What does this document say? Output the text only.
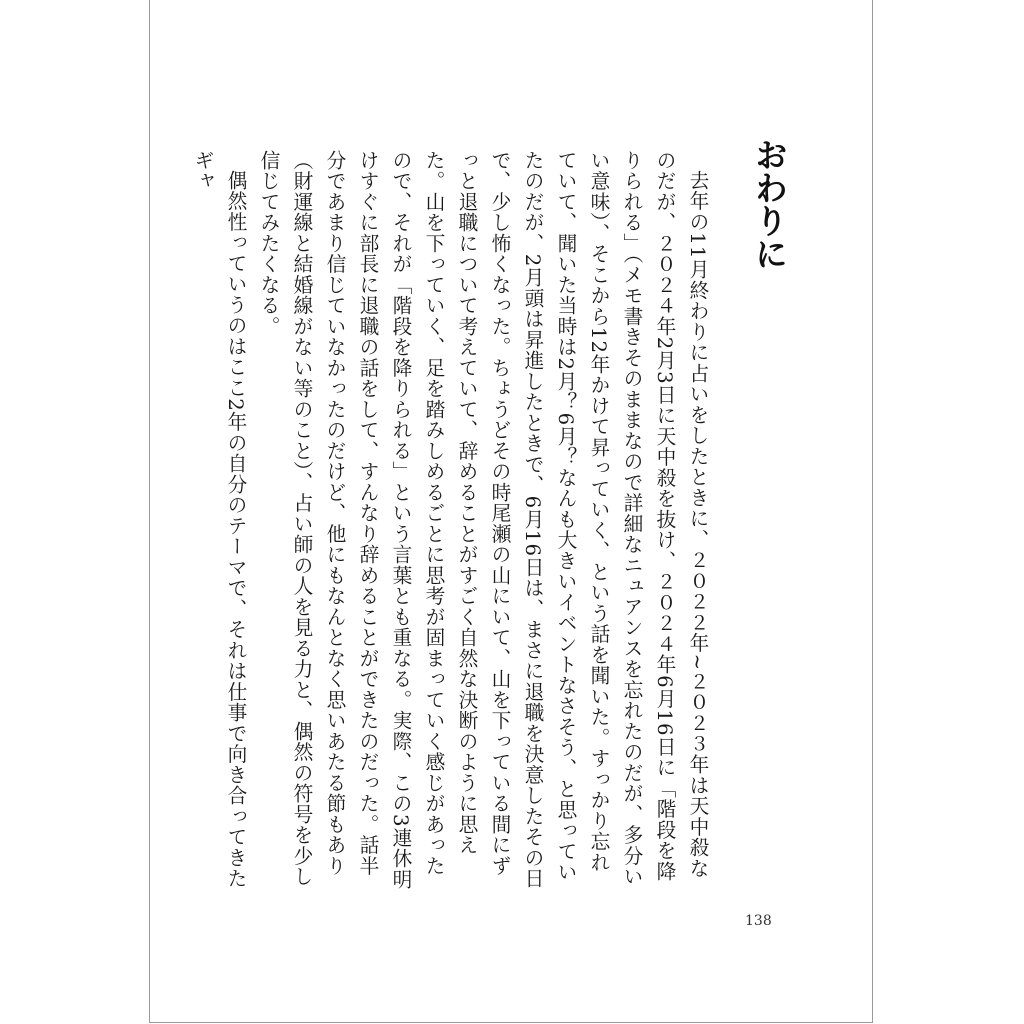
おわりに

去年の11月終わりに占いをしたときに、２０２２年~２０２３年は天中殺なのだが、２０２４年2月3日に天中殺を抜け、２０２４年6月16日に「階段を降りられる」（メモ書きそのままなので詳細なニュアンスを忘れたのだが、多分いい意味）、そこから12年かけて昇っていく、という話を聞いた。すっかり忘れていて、聞いた当時は2月？6月？なんも大きいイベントなさそう、と思っていたのだが、2月頭は昇進したときで、6月16日は、まさに退職を決意したその日で、少し怖くなった。ちょうどその時尾瀬の山にいて、山を下っている間にずっと退職について考えていて、辞めることがすごく自然な決断のように思えた。山を下っていく、足を踏みしめるごとに思考が固まっていく感じがあったので、それが「階段を降りられる」という言葉とも重なる。実際、この3連休明けすぐに部長に退職の話をして、すんなり辞めることができたのだった。話半分であまり信じていなかったのだけど、他にもなんとなく思いあたる節もあり（財運線と結婚線がない等のこと）、占い師の人を見る力と、偶然の符号を少し信じてみたくなる。

偶然性っていうのはここ2年の自分のテーマで、それは仕事で向き合ってきたギャ

138
